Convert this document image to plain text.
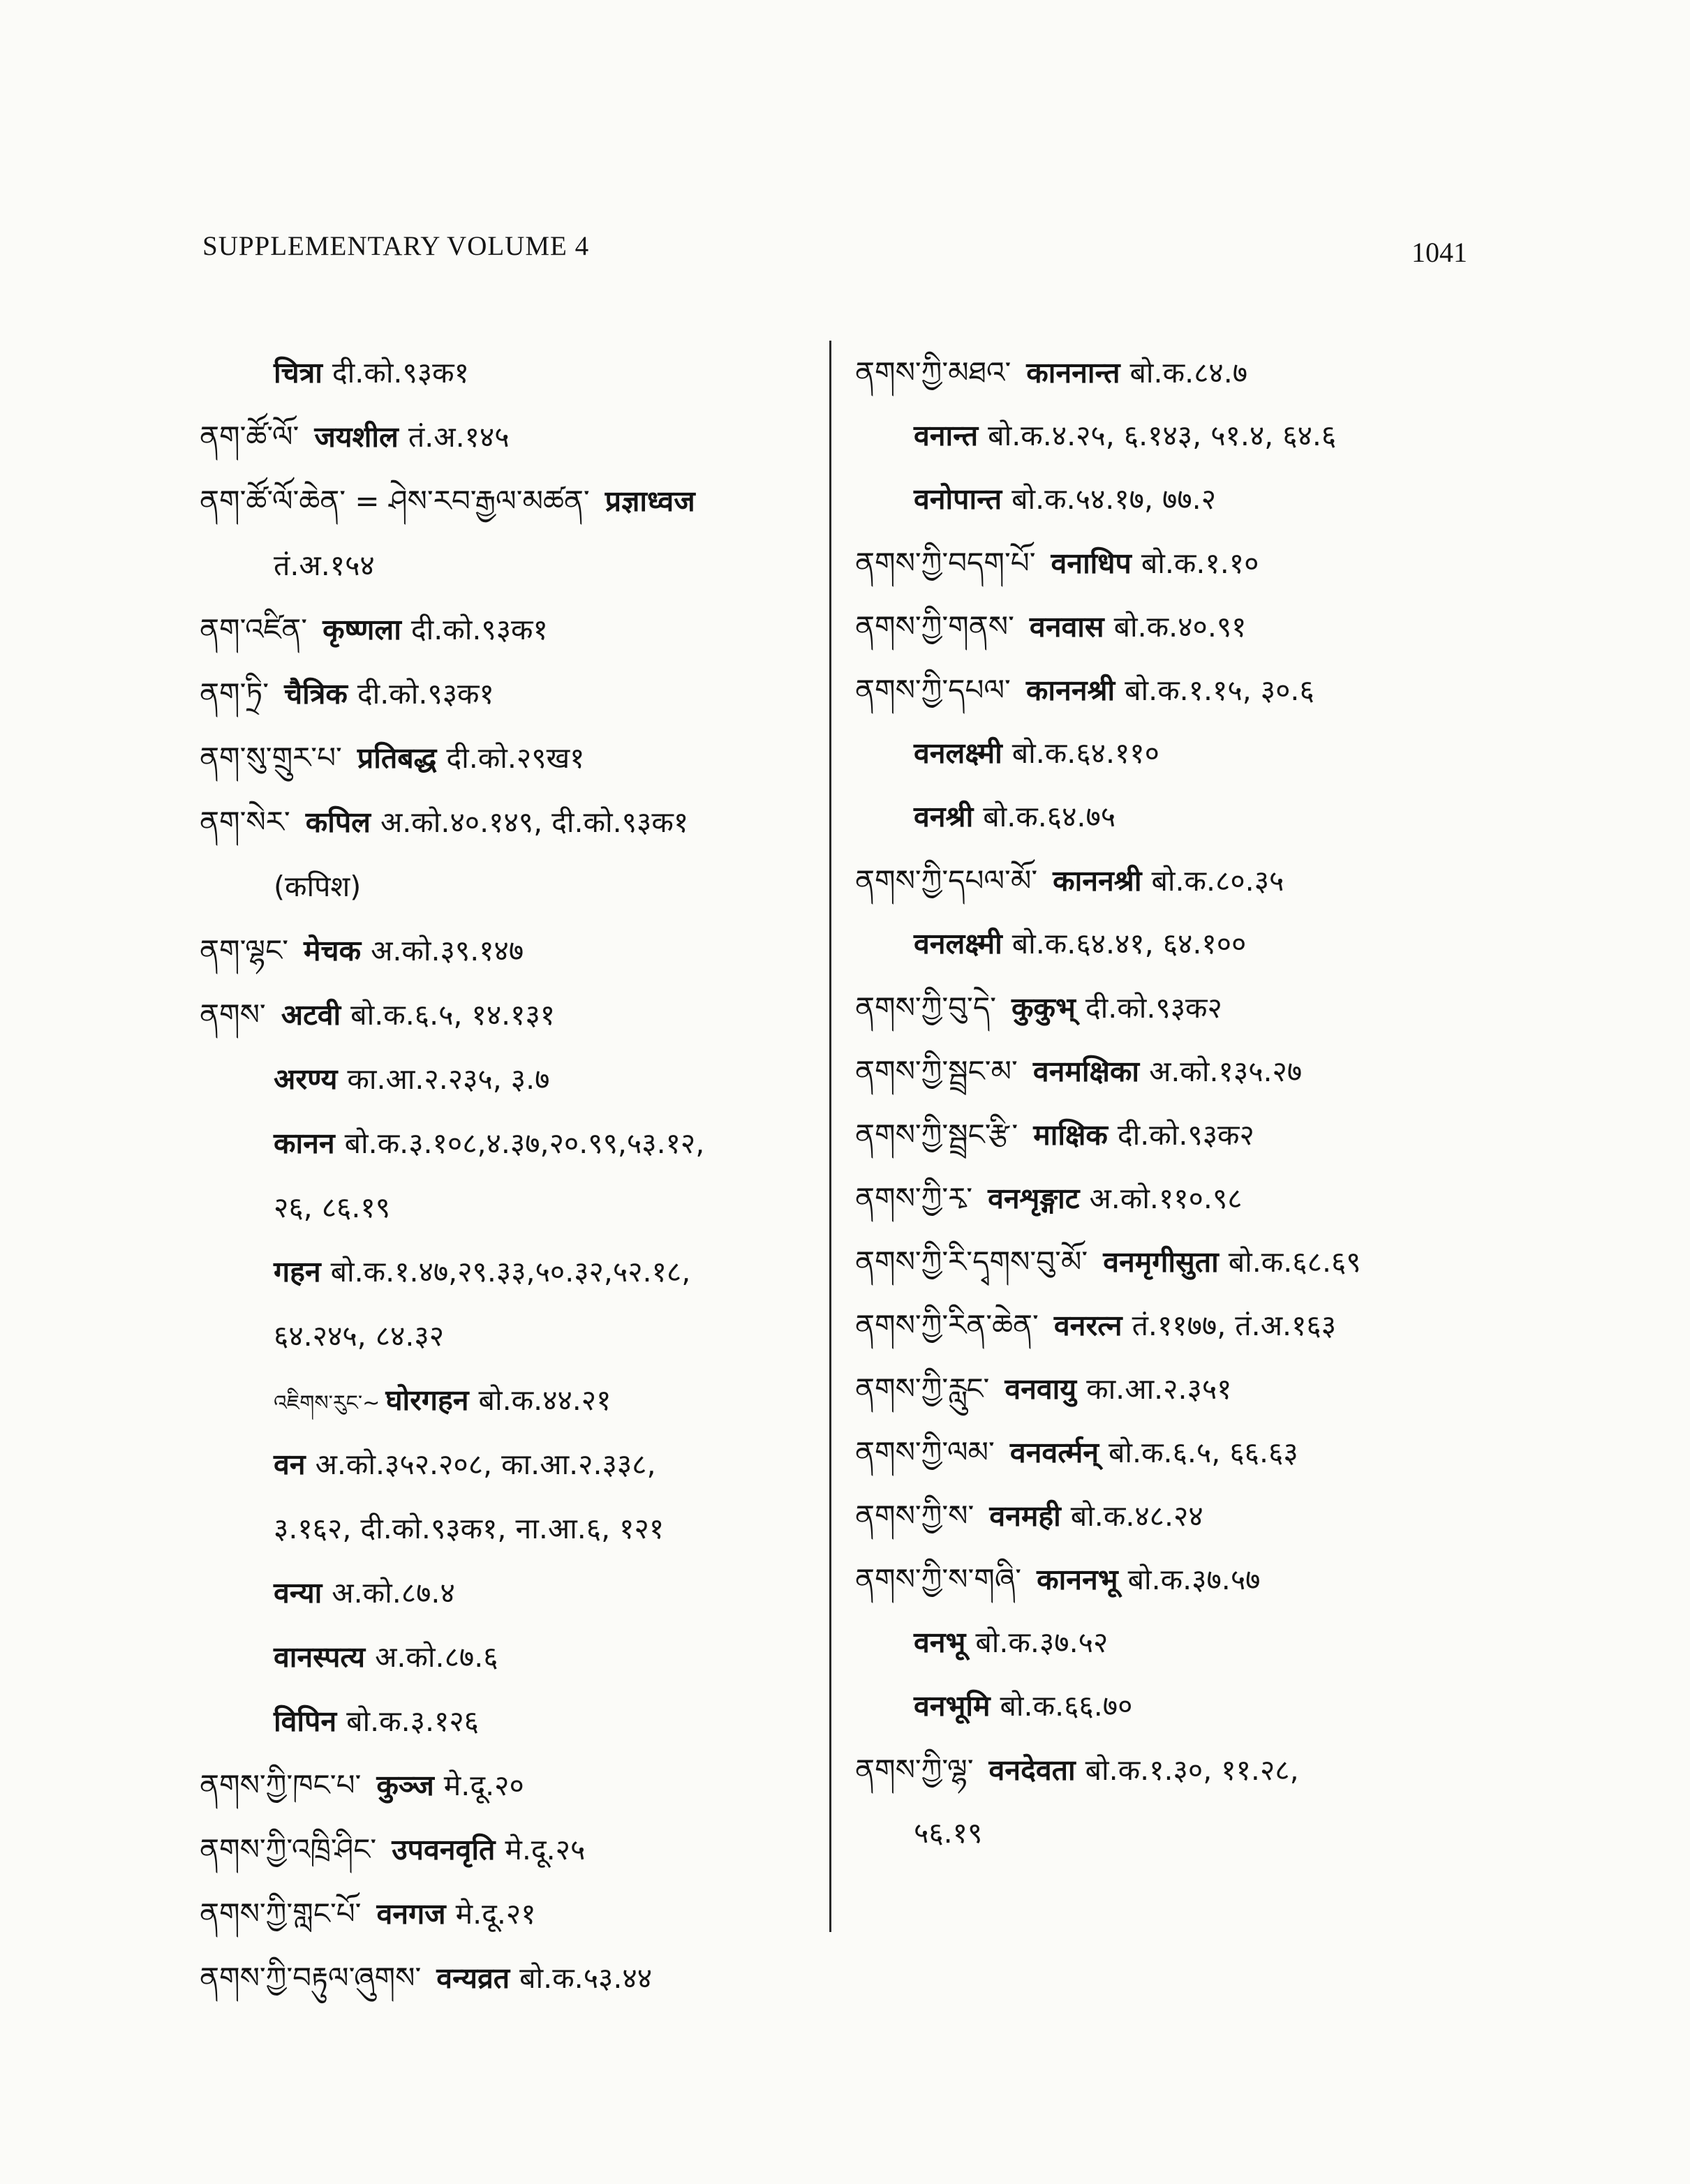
SUPPLEMENTARY VOLUME 4	1041
चित्रा दी.को.९३क१
ནག་ཚོ་ལོ་ जयशील तं.अ.१४५
ནག་ཚོ་ལོ་ཆེན་ = ཤེས་རབ་རྒྱལ་མཚན་ प्रज्ञाध्वज
तं.अ.१५४
ནག་འཛིན་ कृष्णला दी.को.९३क१
ནག་ཏྲི་ चैत्रिक दी.को.९३क१
ནག་སུ་གྲུར་པ་ प्रतिबद्ध दी.को.२९ख१
ནག་སེར་ कपिल अ.को.४०.१४९, दी.को.९३क१
(कपिश)
ནག་ལྷང་ मेचक अ.को.३९.१४७
ནགས་ अटवी बो.क.६.५, १४.१३१
अरण्य का.आ.२.२३५, ३.७
कानन बो.क.३.१०८,४.३७,२०.९९,५३.१२,
२६, ८६.१९
गहन बो.क.१.४७,२९.३३,५०.३२,५२.१८,
६४.२४५, ८४.३२
འཇིགས་རུང་~ घोरगहन बो.क.४४.२१
वन अ.को.३५२.२०८, का.आ.२.३३८,
३.१६२, दी.को.९३क१, ना.आ.६, १२१
वन्या अ.को.८७.४
वानस्पत्य अ.को.८७.६
विपिन बो.क.३.१२६
ནགས་ཀྱི་ཁང་པ་ कुञ्ज मे.दू.२०
ནགས་ཀྱི་འཁྲི་ཤིང་ उपवनवृति मे.दू.२५
ནགས་ཀྱི་གླང་པོ་ वनगज मे.दू.२१
ནགས་ཀྱི་བརྟུལ་ཞུགས་ वन्यव्रत बो.क.५३.४४
ནགས་ཀྱི་མཐའ་ काननान्त बो.क.८४.७
वनान्त बो.क.४.२५, ६.१४३, ५१.४, ६४.६
वनोपान्त बो.क.५४.१७, ७७.२
ནགས་ཀྱི་བདག་པོ་ वनाधिप बो.क.१.१०
ནགས་ཀྱི་གནས་ वनवास बो.क.४०.९१
ནགས་ཀྱི་དཔལ་ काननश्री बो.क.१.१५, ३०.६
वनलक्ष्मी बो.क.६४.११०
वनश्री बो.क.६४.७५
ནགས་ཀྱི་དཔལ་མོ་ काननश्री बो.क.८०.३५
वनलक्ष्मी बो.क.६४.४१, ६४.१००
ནགས་ཀྱི་བུ་དེ་ कुकुभ् दी.को.९३क२
ནགས་ཀྱི་སྦྲང་མ་ वनमक्षिका अ.को.१३५.२७
ནགས་ཀྱི་སྦྲང་རྩི་ माक्षिक दी.को.९३क२
ནགས་ཀྱི་རྭ་ वनशृङ्गाट अ.को.११०.९८
ནགས་ཀྱི་རི་དྭགས་བུ་མོ་ वनमृगीसुता बो.क.६८.६९
ནགས་ཀྱི་རིན་ཆེན་ वनरत्न तं.११७७, तं.अ.१६३
ནགས་ཀྱི་རླུང་ वनवायु का.आ.२.३५१
ནགས་ཀྱི་ལམ་ वनवर्त्मन् बो.क.६.५, ६६.६३
ནགས་ཀྱི་ས་ वनमही बो.क.४८.२४
ནགས་ཀྱི་ས་གཞི་ काननभू बो.क.३७.५७
वनभू बो.क.३७.५२
वनभूमि बो.क.६६.७०
ནགས་ཀྱི་ལྷ་ वनदेवता बो.क.१.३०, ११.२८,
५६.१९
